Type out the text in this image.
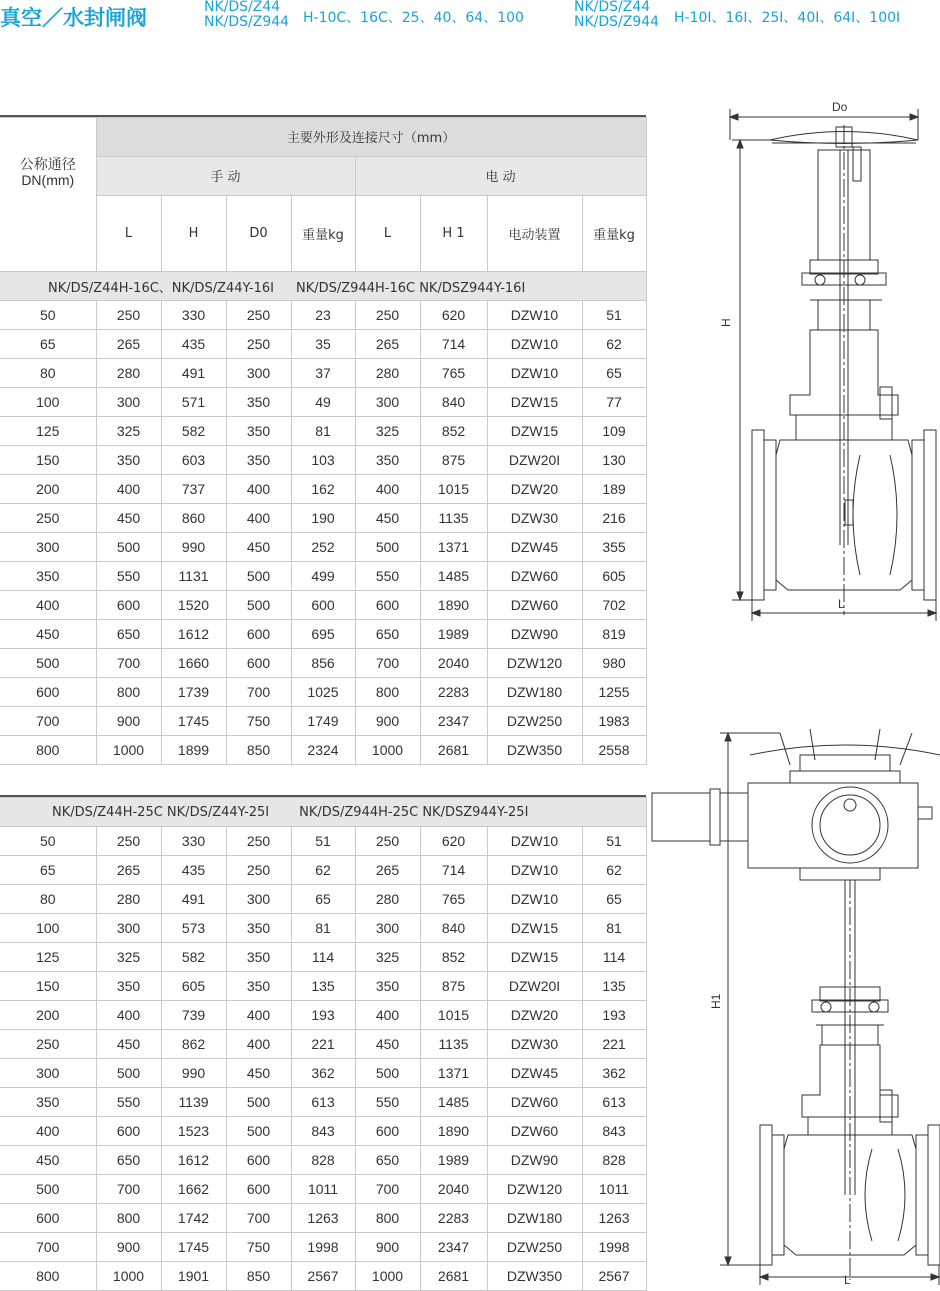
真空／水封闸阀	NK/DS/Z44
NK/DS/Z944 H-10C、16C、25、40、64、100
NK/DS/Z44
NK/DS/Z944 H-10I、16I、25I、40I、64I、100I
公称通径
DN(mm)	主要外形及连接尺寸（mm）							
	手 动				电 动			
	L	H	D0	重量kg	L	H 1	电动装置	重量kg
NK/DS/Z44H-16C、NK/DS/Z44Y-16I NK/DS/Z944H-16C NK/DSZ944Y-16I								
50	250	330	250	23	250	620	DZW10	51
65	265	435	250	35	265	714	DZW10	62
80	280	491	300	37	280	765	DZW10	65
100	300	571	350	49	300	840	DZW15	77
125	325	582	350	81	325	852	DZW15	109
150	350	603	350	103	350	875	DZW20I	130
200	400	737	400	162	400	1015	DZW20	189
250	450	860	400	190	450	1135	DZW30	216
300	500	990	450	252	500	1371	DZW45	355
350	550	1131	500	499	550	1485	DZW60	605
400	600	1520	500	600	600	1890	DZW60	702
450	650	1612	600	695	650	1989	DZW90	819
500	700	1660	600	856	700	2040	DZW120	980
600	800	1739	700	1025	800	2283	DZW180	1255
700	900	1745	750	1749	900	2347	DZW250	1983
800	1000	1899	850	2324	1000	2681	DZW350	2558
NK/DS/Z44H-25C NK/DS/Z44Y-25I NK/DS/Z944H-25C NK/DSZ944Y-25I								
50	250	330	250	51	250	620	DZW10	51
65	265	435	250	62	265	714	DZW10	62
80	280	491	300	65	280	765	DZW10	65
100	300	573	350	81	300	840	DZW15	81
125	325	582	350	114	325	852	DZW15	114
150	350	605	350	135	350	875	DZW20I	135
200	400	739	400	193	400	1015	DZW20	193
250	450	862	400	221	450	1135	DZW30	221
300	500	990	450	362	500	1371	DZW45	362
350	550	1139	500	613	550	1485	DZW60	613
400	600	1523	500	843	600	1890	DZW60	843
450	650	1612	600	828	650	1989	DZW90	828
500	700	1662	600	1011	700	2040	DZW120	1011
600	800	1742	700	1263	800	2283	DZW180	1263
700	900	1745	750	1998	900	2347	DZW250	1998
800	1000	1901	850	2567	1000	2681	DZW350	2567
Do
H
L
H1
L
